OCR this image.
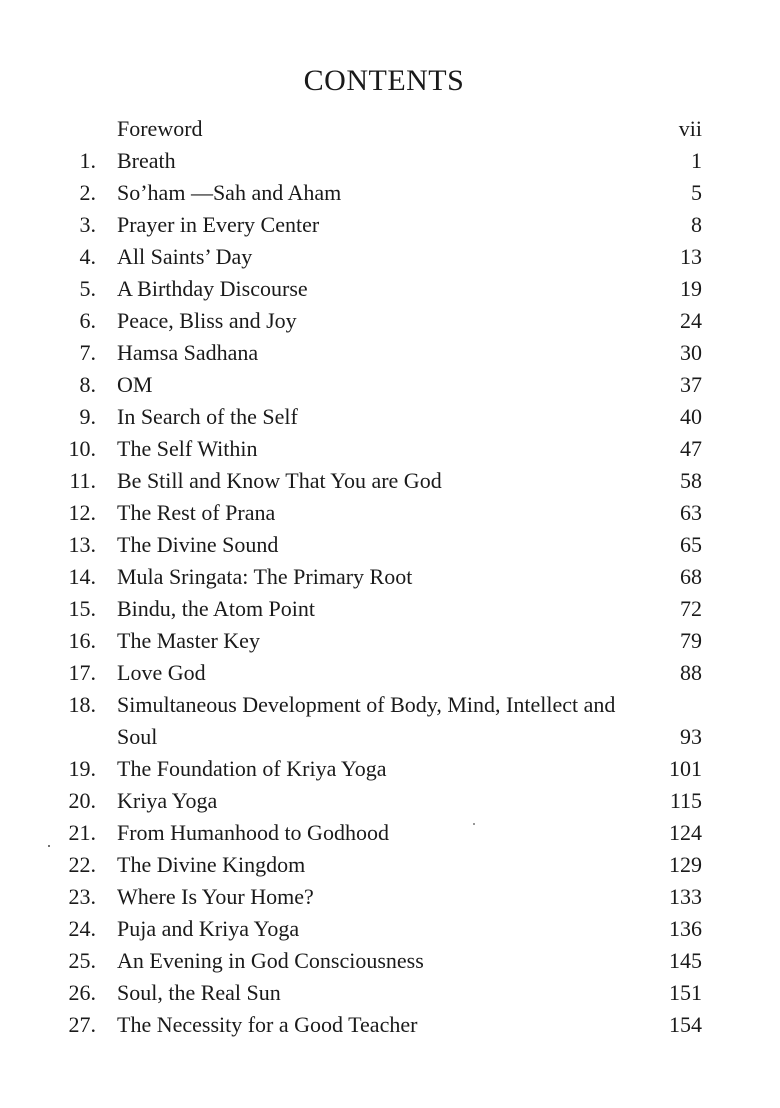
CONTENTS
Foreword	vii
1. Breath	1
2. So’ham —Sah and Aham	5
3. Prayer in Every Center	8
4. All Saints’ Day	13
5. A Birthday Discourse	19
6. Peace, Bliss and Joy	24
7. Hamsa Sadhana	30
8. OM	37
9. In Search of the Self	40
10. The Self Within	47
11. Be Still and Know That You are God	58
12. The Rest of Prana	63
13. The Divine Sound	65
14. Mula Sringata: The Primary Root	68
15. Bindu, the Atom Point	72
16. The Master Key	79
17. Love God	88
18. Simultaneous Development of Body, Mind, Intellect and Soul	93
19. The Foundation of Kriya Yoga	101
20. Kriya Yoga	115
21. From Humanhood to Godhood	124
22. The Divine Kingdom	129
23. Where Is Your Home?	133
24. Puja and Kriya Yoga	136
25. An Evening in God Consciousness	145
26. Soul, the Real Sun	151
27. The Necessity for a Good Teacher	154
